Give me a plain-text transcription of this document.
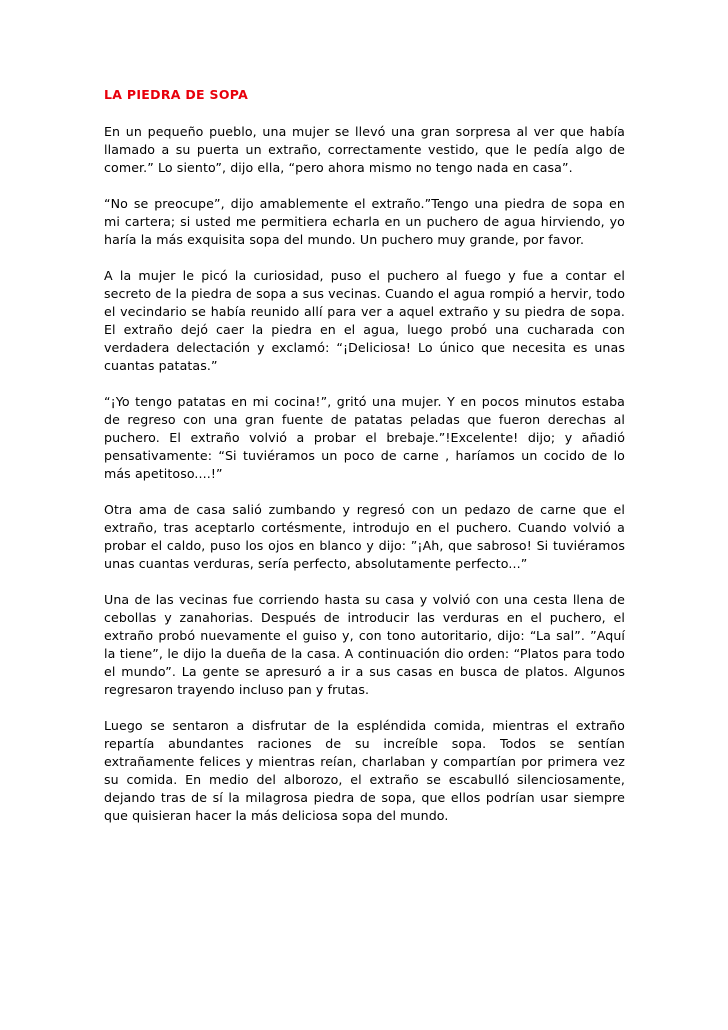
LA PIEDRA DE SOPA

En un pequeño pueblo, una mujer se llevó una gran sorpresa al ver que había llamado a su puerta un extraño, correctamente vestido, que le pedía algo de comer.” Lo siento”, dijo ella, “pero ahora mismo no tengo nada en casa”.

“No se preocupe”, dijo amablemente el extraño.”Tengo una piedra de sopa en mi cartera; si usted me permitiera echarla en un puchero de agua hirviendo, yo haría la más exquisita sopa del mundo. Un puchero muy grande, por favor.

A la mujer le picó la curiosidad, puso el puchero al fuego y fue a contar el secreto de la piedra de sopa a sus vecinas. Cuando el agua rompió a hervir, todo el vecindario se había reunido allí para ver a aquel extraño y su piedra de sopa. El extraño dejó caer la piedra en el agua, luego probó una cucharada con verdadera delectación y exclamó: “¡Deliciosa! Lo único que necesita es unas cuantas patatas.”

“¡Yo tengo patatas en mi cocina!”, gritó una mujer. Y en pocos minutos estaba de regreso con una gran fuente de patatas peladas que fueron derechas al puchero. El extraño volvió a probar el brebaje.”!Excelente! dijo; y añadió pensativamente: “Si tuviéramos un poco de carne , haríamos un cocido de lo más apetitoso....!”

Otra ama de casa salió zumbando y regresó con un pedazo de carne que el extraño, tras aceptarlo cortésmente, introdujo en el puchero. Cuando volvió a probar el caldo, puso los ojos en blanco y dijo: ”¡Ah, que sabroso! Si tuviéramos unas cuantas verduras, sería perfecto, absolutamente perfecto...”

Una de las vecinas fue corriendo hasta su casa y volvió con una cesta llena de cebollas y zanahorias. Después de introducir las verduras en el puchero, el extraño probó nuevamente el guiso y, con tono autoritario, dijo: “La sal”. ”Aquí la tiene”, le dijo la dueña de la casa. A continuación dio orden: “Platos para todo el mundo”. La gente se apresuró a ir a sus casas en busca de platos. Algunos regresaron trayendo incluso pan y frutas.

Luego se sentaron a disfrutar de la espléndida comida, mientras el extraño repartía abundantes raciones de su increíble sopa. Todos se sentían extrañamente felices y mientras reían, charlaban y compartían por primera vez su comida. En medio del alborozo, el extraño se escabulló silenciosamente, dejando tras de sí la milagrosa piedra de sopa, que ellos podrían usar siempre que quisieran hacer la más deliciosa sopa del mundo.
